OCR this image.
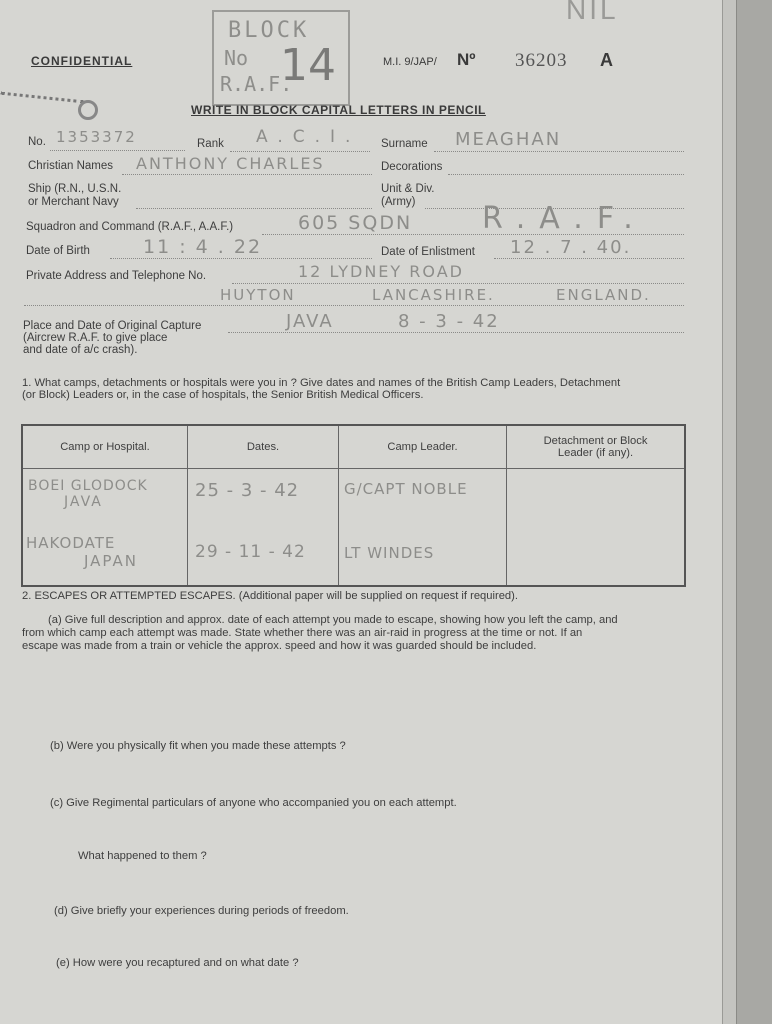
CONFIDENTIAL
BLOCK
No
R.A.F.
14
NIL
M.I. 9/JAP/ Nº 36203 A
WRITE IN BLOCK CAPITAL LETTERS IN PENCIL
No. 1353372	Rank A.C.I. Surname MEAGHAN
Christian Names ANTHONY CHARLES	Decorations
Ship (R.N., U.S.N.
or Merchant Navy
Unit & Div.
(Army)
Squadron and Command (R.A.F., A.A.F.)	605 SQDN R.A.F.
Date of Birth	11 : 4 . 22	Date of Enlistment 12 . 7 . 40.
Private Address and Telephone No.	12 LYDNEY ROAD
HUYTON	LANCASHIRE.	ENGLAND.
Place and Date of Original Capture
(Aircrew R.A.F. to give place
and date of a/c crash).
JAVA	8 - 3 - 42
1. What camps, detachments or hospitals were you in ? Give dates and names of the British Camp Leaders, Detachment
(or Block) Leaders or, in the case of hospitals, the Senior British Medical Officers.
Camp or Hospital.	Dates.	Camp Leader.	Detachment or Block
Leader (if any).

BOEI GLODOCK
JAVA	25 - 3 - 42	G/CAPT NOBLE	

HAKODATE
JAPAN	29 - 11 - 42	LT WINDES	

2. ESCAPES OR ATTEMPTED ESCAPES. (Additional paper will be supplied on request if required).
(a) Give full description and approx. date of each attempt you made to escape, showing how you left the camp, and
from which camp each attempt was made. State whether there was an air-raid in progress at the time or not. If an
escape was made from a train or vehicle the approx. speed and how it was guarded should be included.
(b) Were you physically fit when you made these attempts ?
(c) Give Regimental particulars of anyone who accompanied you on each attempt.
What happened to them ?
(d) Give briefly your experiences during periods of freedom.
(e) How were you recaptured and on what date ?
